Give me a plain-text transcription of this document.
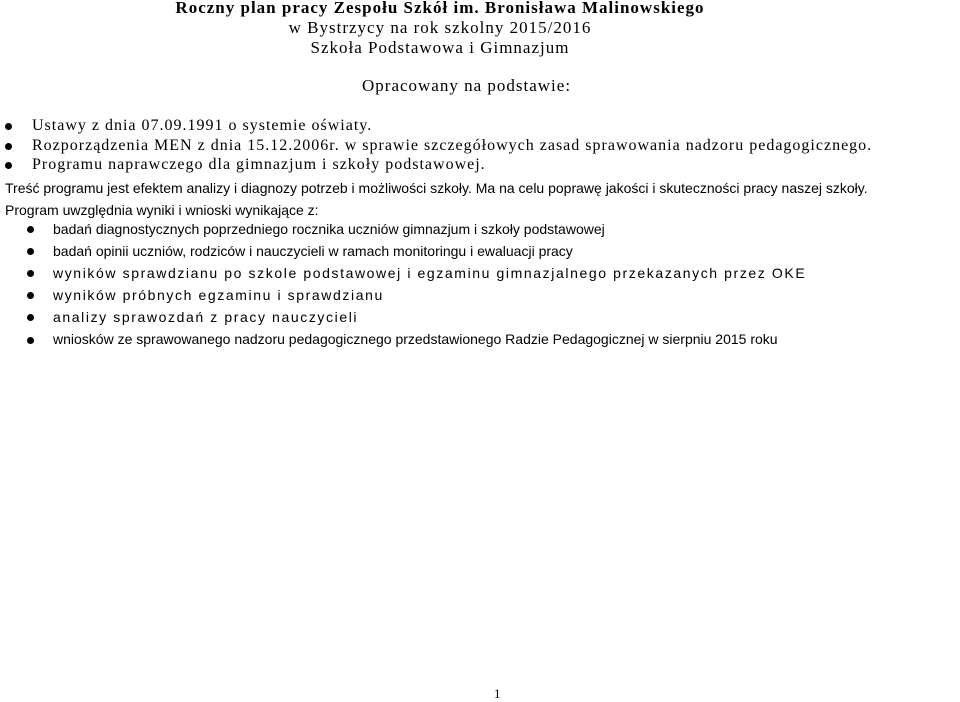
Roczny plan pracy Zespołu Szkół im. Bronisława Malinowskiego
w Bystrzycy na rok szkolny 2015/2016
Szkoła Podstawowa i Gimnazjum
Opracowany na podstawie:
Ustawy z dnia 07.09.1991 o systemie oświaty.
Rozporządzenia MEN z dnia 15.12.2006r. w sprawie szczegółowych zasad sprawowania nadzoru pedagogicznego.
Programu naprawczego dla gimnazjum i szkoły podstawowej.
Treść programu jest efektem analizy i diagnozy potrzeb i możliwości szkoły. Ma na celu poprawę jakości i skuteczności pracy naszej szkoły.
Program uwzględnia wyniki i wnioski wynikające z:
badań diagnostycznych poprzedniego rocznika uczniów gimnazjum i szkoły podstawowej
badań opinii uczniów, rodziców i nauczycieli w ramach monitoringu i ewaluacji pracy
wyników sprawdzianu po szkole podstawowej i egzaminu gimnazjalnego przekazanych przez OKE
wyników próbnych egzaminu i sprawdzianu
analizy sprawozdań z pracy nauczycieli
wniosków ze sprawowanego nadzoru pedagogicznego przedstawionego Radzie Pedagogicznej w sierpniu 2015 roku
1
